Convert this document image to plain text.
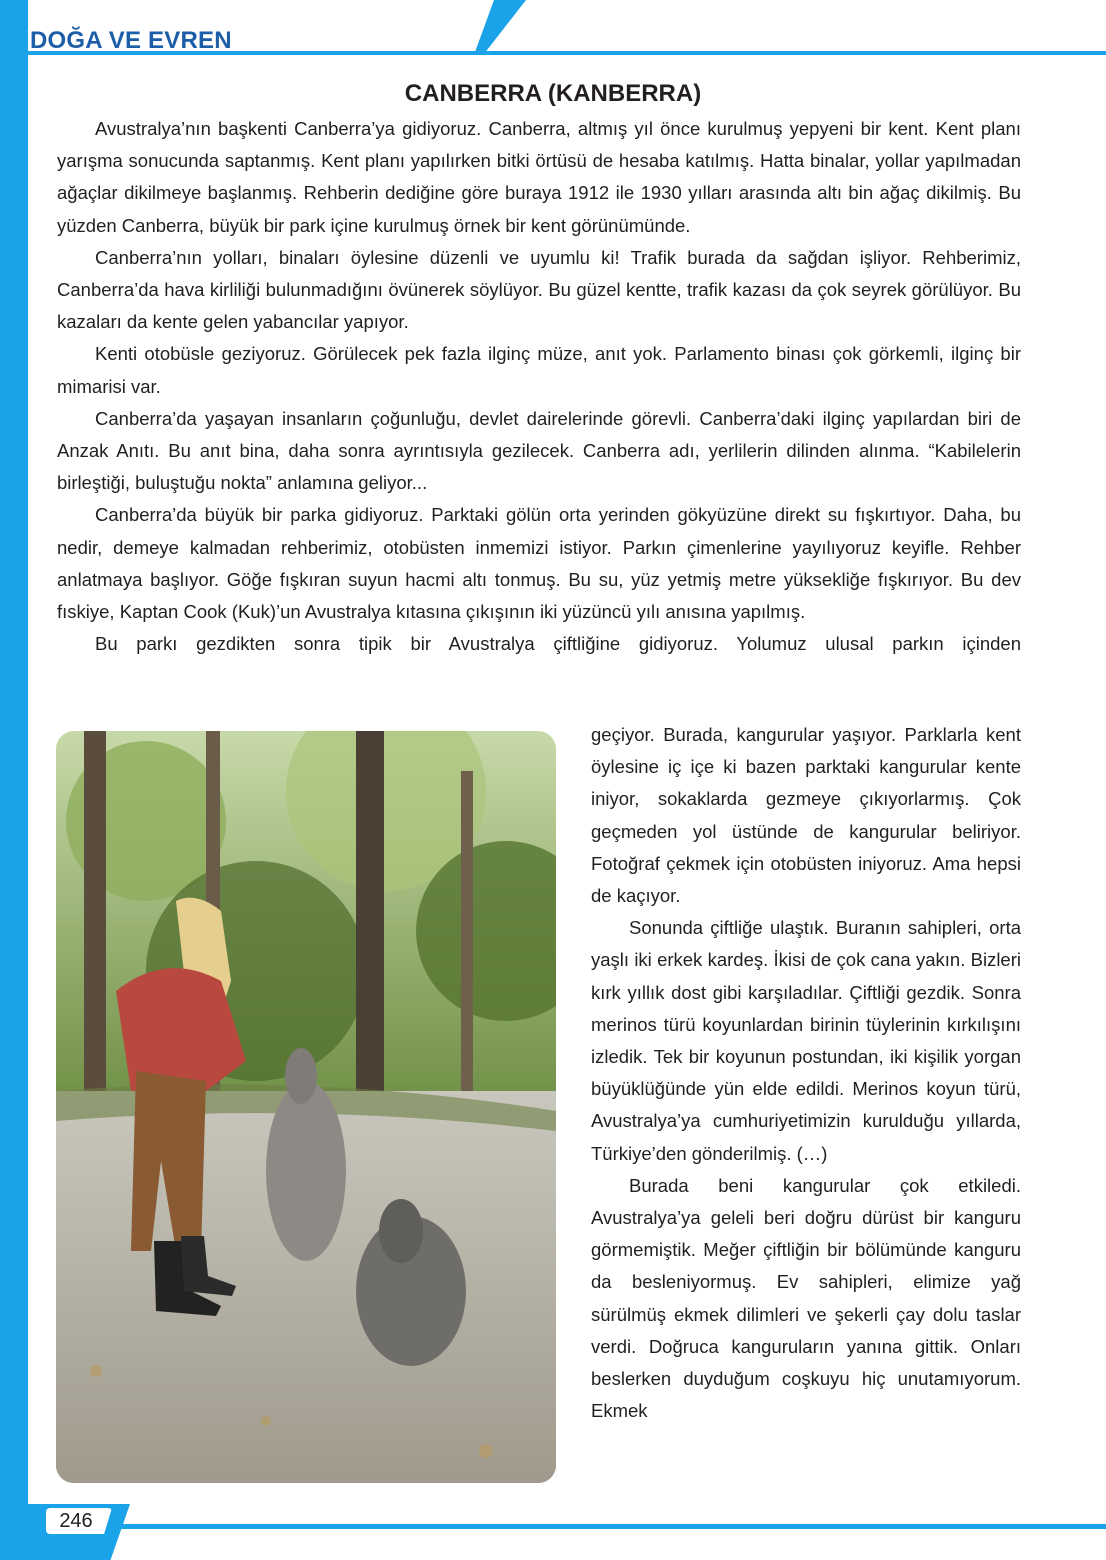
DOĞA VE EVREN
CANBERRA (KANBERRA)

Avustralya’nın başkenti Canberra’ya gidiyoruz. Canberra, altmış yıl önce kurulmuş yepyeni bir kent. Kent planı yarışma sonucunda saptanmış. Kent planı yapılırken bitki örtüsü de hesaba katılmış. Hatta binalar, yollar yapılmadan ağaçlar dikilmeye başlanmış. Rehberin dediğine göre buraya 1912 ile 1930 yılları arasında altı bin ağaç dikilmiş. Bu yüzden Canberra, büyük bir park içine kurulmuş örnek bir kent görünümünde.

Canberra’nın yolları, binaları öylesine düzenli ve uyumlu ki! Trafik burada da sağdan işliyor. Rehberimiz, Canberra’da hava kirliliği bulunmadığını övünerek söylüyor. Bu güzel kentte, trafik kazası da çok seyrek görülüyor. Bu kazaları da kente gelen yabancılar yapıyor.

Kenti otobüsle geziyoruz. Görülecek pek fazla ilginç müze, anıt yok. Parlamento binası çok görkemli, ilginç bir mimarisi var.

Canberra’da yaşayan insanların çoğunluğu, devlet dairelerinde görevli. Canberra’daki ilginç yapılardan biri de Anzak Anıtı. Bu anıt bina, daha sonra ayrıntısıyla gezilecek. Canberra adı, yerlilerin dilinden alınma. “Kabilelerin birleştiği, buluştuğu nokta” anlamına geliyor...

Canberra’da büyük bir parka gidiyoruz. Parktaki gölün orta yerinden gökyüzüne direkt su fışkırtıyor. Daha, bu nedir, demeye kalmadan rehberimiz, otobüsten inmemizi istiyor. Parkın çimenlerine yayılıyoruz keyifle. Rehber anlatmaya başlıyor. Göğe fışkıran suyun hacmi altı tonmuş. Bu su, yüz yetmiş metre yüksekliğe fışkırıyor. Bu dev fıskiye, Kaptan Cook (Kuk)’un Avustralya kıtasına çıkışının iki yüzüncü yılı anısına yapılmış.

Bu parkı gezdikten sonra tipik bir Avustralya çiftliğine gidiyoruz. Yolumuz ulusal parkın içinden

geçiyor. Burada, kangurular yaşıyor. Parklarla kent öylesine iç içe ki bazen parktaki kangurular kente iniyor, sokaklarda gezmeye çıkıyorlarmış. Çok geçmeden yol üstünde de kangurular beliriyor. Fotoğraf çekmek için otobüsten iniyoruz. Ama hepsi de kaçıyor.

Sonunda çiftliğe ulaştık. Buranın sahipleri, orta yaşlı iki erkek kardeş. İkisi de çok cana yakın. Bizleri kırk yıllık dost gibi karşıladılar. Çiftliği gezdik. Sonra merinos türü koyunlardan birinin tüylerinin kırkılışını izledik. Tek bir koyunun postundan, iki kişilik yorgan büyüklüğünde yün elde edildi. Merinos koyun türü, Avustralya’ya cumhuriyetimizin kurulduğu yıllarda, Türkiye’den gönderilmiş. (…)

Burada beni kangurular çok etkiledi. Avustralya’ya geleli beri doğru dürüst bir kanguru görmemiştik. Meğer çiftliğin bir bölümünde kanguru da besleniyormuş. Ev sahipleri, elimize yağ sürülmüş ekmek dilimleri ve şekerli çay dolu taslar verdi. Doğruca kanguruların yanına gittik. Onları beslerken duyduğum coşkuyu hiç unutamıyorum. Ekmek

246
